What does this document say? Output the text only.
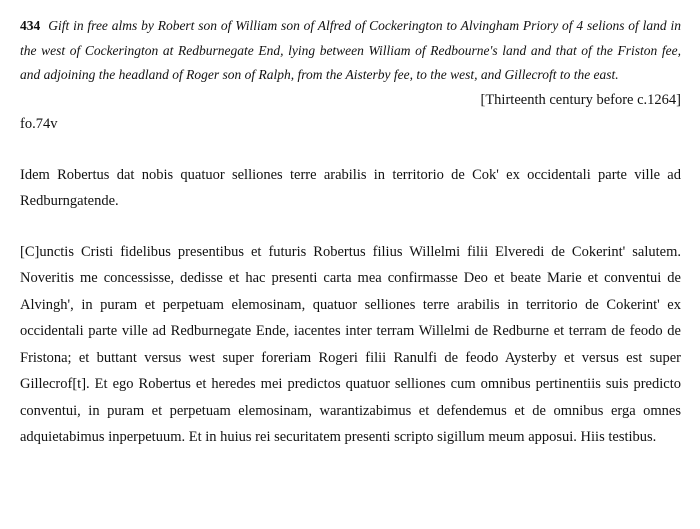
434 Gift in free alms by Robert son of William son of Alfred of Cockerington to Alvingham Priory of 4 selions of land in the west of Cockerington at Redburnegate End, lying between William of Redbourne's land and that of the Friston fee, and adjoining the headland of Roger son of Ralph, from the Aisterby fee, to the west, and Gillecroft to the east.

[Thirteenth century before c.1264]

fo.74v

Idem Robertus dat nobis quatuor selliones terre arabilis in territorio de Cok' ex occidentali parte ville ad Redburngatende.

[C]unctis Cristi fidelibus presentibus et futuris Robertus filius Willelmi filii Elveredi de Cokerint' salutem. Noveritis me concessisse, dedisse et hac presenti carta mea confirmasse Deo et beate Marie et conventui de Alvingh', in puram et perpetuam elemosinam, quatuor selliones terre arabilis in territorio de Cokerint' ex occidentali parte ville ad Redburnegate Ende, iacentes inter terram Willelmi de Redburne et terram de feodo de Fristona; et buttant versus west super foreriam Rogeri filii Ranulfi de feodo Aysterby et versus est super Gillecrof[t]. Et ego Robertus et heredes mei predictos quatuor selliones cum omnibus pertinentiis suis predicto conventui, in puram et perpetuam elemosinam, warantizabimus et defendemus et de omnibus erga omnes adquietabimus inperpetuum. Et in huius rei securitatem presenti scripto sigillum meum apposui. Hiis testibus.
